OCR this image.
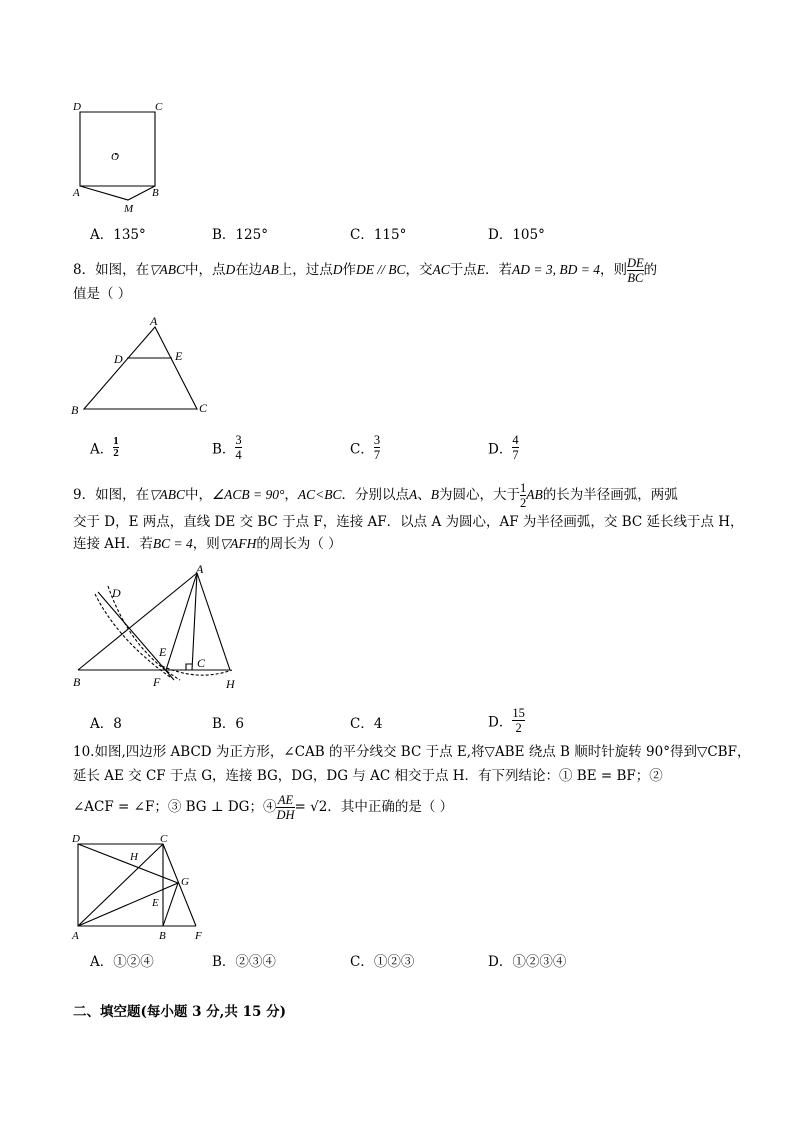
D	C
O
A	B
M
A．135°	B．125°	C．115°	D．105°
8．如图，在▽ABC中，点D在边AB上，过点D作DE // BC，交AC于点E．若AD = 3, BD = 4，则 $\frac{DE}{BC}$ 的
值是（ ）
A
D	E
B	C
A． $\frac{1}{2}$	B． $\frac{3}{4}$	C． $\frac{3}{7}$	D． $\frac{4}{7}$
9．如图，在▽ABC中，∠ACB = 90°，AC<BC．分别以点A、B为圆心，大于 $\frac{1}{2}$ AB的长为半径画弧，两弧
交于 D，E 两点，直线 DE 交 BC 于点 F，连接 AF．以点 A 为圆心，AF 为半径画弧，交 BC 延长线于点 H，
连接 AH．若BC = 4，则▽AFH的周长为（ ）
A
D
E
B	F
C
H
A．8	B．6	C．4	D． $\frac{15}{2}$
10.如图,四边形 ABCD 为正方形，∠CAB 的平分线交 BC 于点 E,将▽ABE 绕点 B 顺时针旋转 90°得到▽CBF，
延长 AE 交 CF 于点 G，连接 BG，DG，DG 与 AC 相交于点 H．有下列结论：① BE = BF；②
∠ACF = ∠F；③ BG ⊥ DG；④ $\frac{AE}{DH} = √2$．其中正确的是（ ）
D	C
H
G
E
A	B	F
A．①②④	B．②③④	C．①②③	D．①②③④
二、填空题(每小题 3 分,共 15 分)
